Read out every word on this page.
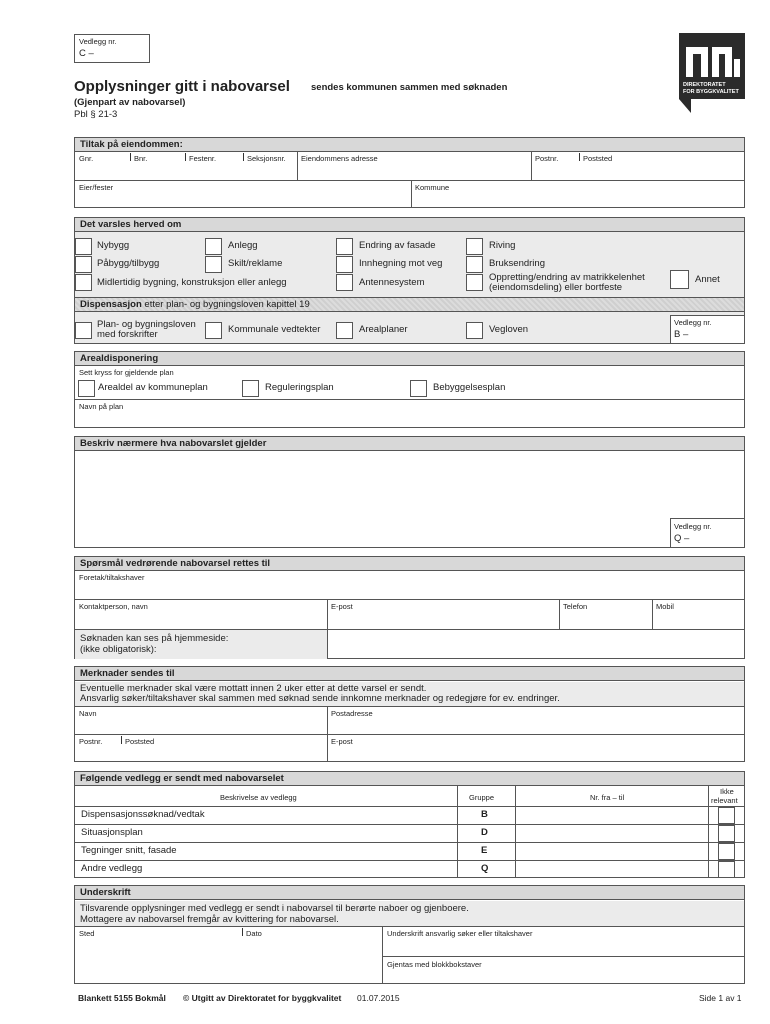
Vedlegg nr.
C –
Opplysninger gitt i nabovarsel sendes kommunen sammen med søknaden
(Gjenpart av nabovarsel)
Pbl § 21-3
DIREKTORATET
FOR BYGGKVALITET
Tiltak på eiendommen:
Gnr.	Bnr.	Festenr.	Seksjonsnr. Eiendommens adresse	Postnr.	Poststed
Eier/fester	Kommune
Det varsles herved om
Nybygg	Anlegg	Endring av fasade	Riving
Påbygg/tilbygg	Skilt/reklame	Innhegning mot veg	Bruksendring
Midlertidig bygning, konstruksjon eller anlegg	Antennesystem	Oppretting/endring av matrikkelenhet
(eiendomsdeling) eller bortfeste
Annet
Dispensasjon etter plan- og bygningsloven kapittel 19
Plan- og bygningsloven
med forskrifter	Kommunale vedtekter	Arealplaner	Vegloven
Vedlegg nr.
B –
Arealdisponering
Sett kryss for gjeldende plan
Arealdel av kommuneplan	Reguleringsplan	Bebyggelsesplan
Navn på plan
Beskriv nærmere hva nabovarslet gjelder
Vedlegg nr.
Q –
Spørsmål vedrørende nabovarsel rettes til
Foretak/tiltakshaver
Kontaktperson, navn	E-post	Telefon	Mobil
Søknaden kan ses på hjemmeside:
(ikke obligatorisk):
Merknader sendes til
Eventuelle merknader skal være mottatt innen 2 uker etter at dette varsel er sendt.
Ansvarlig søker/tiltakshaver skal sammen med søknad sende innkomne merknader og redegjøre for ev. endringer.
Navn	Postadresse
Postnr.	Poststed	E-post
Følgende vedlegg er sendt med nabovarselet
Beskrivelse av vedlegg	Gruppe	Nr. fra – til
Ikke
relevant
Dispensasjonssøknad/vedtak	B
Situasjonsplan	D
Tegninger snitt, fasade	E
Andre vedlegg	Q
Underskrift
Tilsvarende opplysninger med vedlegg er sendt i nabovarsel til berørte naboer og gjenboere.
Mottagere av nabovarsel fremgår av kvittering for nabovarsel.
Sted	Dato	Underskrift ansvarlig søker eller tiltakshaver
Gjentas med blokkbokstaver
Blankett 5155 Bokmål © Utgitt av Direktoratet for byggkvalitet 01.07.2015	Side 1 av 1
